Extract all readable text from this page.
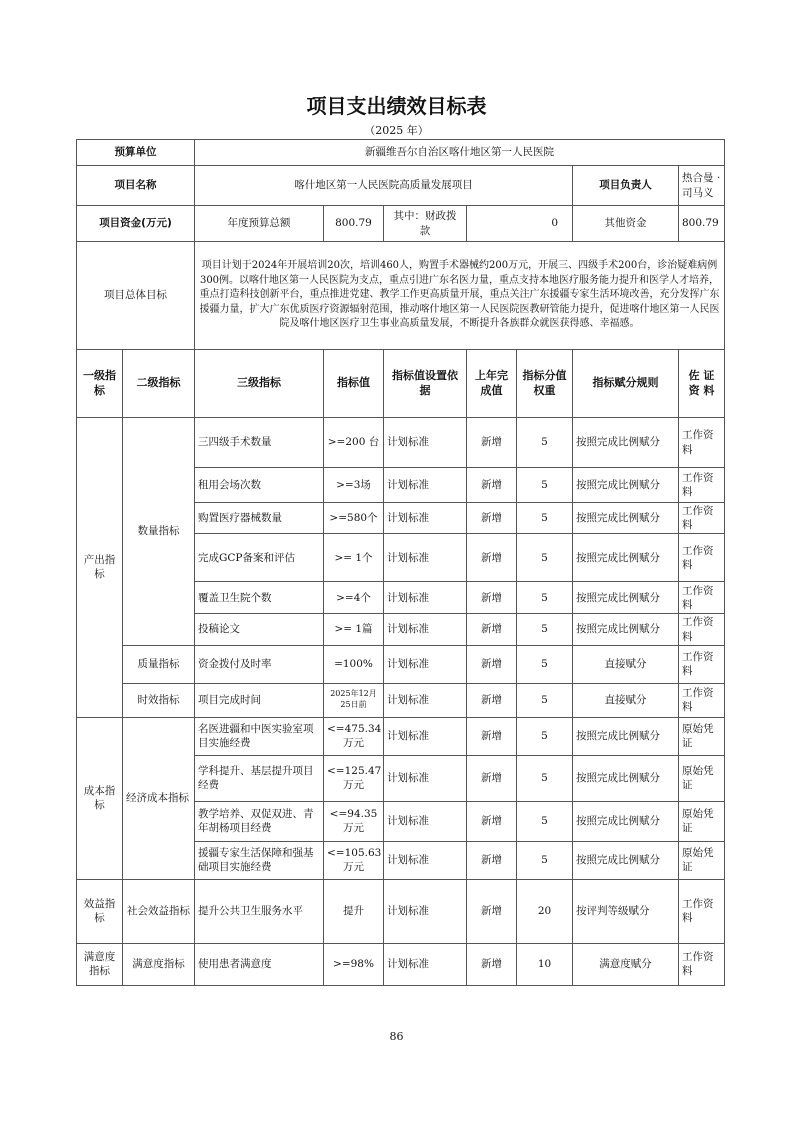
项目支出绩效目标表
（2025 年）
预算单位		新疆维吾尔自治区喀什地区第一人民医院						
项目名称		喀什地区第一人民医院高质量发展项目					项目负责人	热合曼 · 司马义
项目资金(万元)		年度预算总额	800.79	其中：财政拨 款	0		其他资金	800.79
项目总体目标		项目计划于2024年开展培训20次，培训460人，购置手术器械约200万元，开展三、四级手术200台，诊治疑难病例300例。以喀什地区第一人民医院为支点，重点引进广东名医力量，重点支持本地医疗服务能力提升和医学人才培养，重点打造科技创新平台，重点推进党建、教学工作更高质量开展，重点关注广东援疆专家生活环境改善，充分发挥广东援疆力量，扩大广东优质医疗资源辐射范围，推动喀什地区第一人民医院医教研管能力提升，促进喀什地区第一人民医院及喀什地区医疗卫生事业高质量发展，不断提升各族群众就医获得感、幸福感。						
一级指标	二级指标	三级指标	指标值	指标值设置依据	上年完成值	指标分值权重	指标赋分规则	佐 证 资 料
产出指标	数量指标	三四级手术数量	>=200 台	计划标准	新增	5	按照完成比例赋分	工作资料
		租用会场次数	>=3场	计划标准	新增	5	按照完成比例赋分	工作资料
		购置医疗器械数量	>=580个	计划标准	新增	5	按照完成比例赋分	工作资料
		完成GCP备案和评估	>= 1个	计划标准	新增	5	按照完成比例赋分	工作资料
		覆盖卫生院个数	>=4个	计划标准	新增	5	按照完成比例赋分	工作资料
		投稿论文	>= 1篇	计划标准	新增	5	按照完成比例赋分	工作资料
	质量指标	资金拨付及时率	=100%	计划标准	新增	5	直接赋分	工作资料
	时效指标	项目完成时间	2025年12月25日前	计划标准	新增	5	直接赋分	工作资料
成本指标	经济成本指标	名医进疆和中医实验室项目实施经费	<=475.34万元	计划标准	新增	5	按照完成比例赋分	原始凭证
		学科提升、基层提升项目经费	<=125.47万元	计划标准	新增	5	按照完成比例赋分	原始凭证
		教学培养、双促双进、青年胡杨项目经费	<=94.35 万元	计划标准	新增	5	按照完成比例赋分	原始凭证
		援疆专家生活保障和强基础项目实施经费	<=105.63万元	计划标准	新增	5	按照完成比例赋分	原始凭证
效益指标	社会效益指标	提升公共卫生服务水平	提升	计划标准	新增	20	按评判等级赋分	工作资料
满意度指标	满意度指标	使用患者满意度	>=98%	计划标准	新增	10	满意度赋分	工作资料
86
